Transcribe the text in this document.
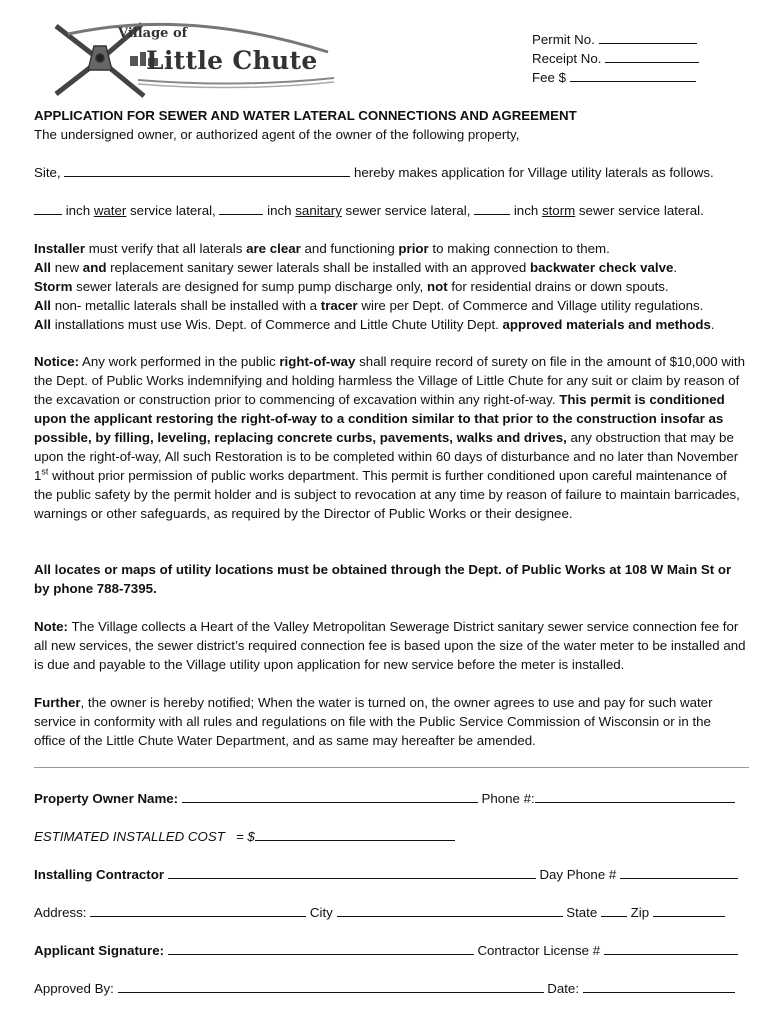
Village of
Little Chute
Permit No.
Receipt No.
Fee $
APPLICATION FOR SEWER AND WATER LATERAL CONNECTIONS AND AGREEMENT
The undersigned owner, or authorized agent of the owner of the following property,
Site,	hereby makes application for Village utility laterals as follows.
inch water service lateral,	inch sanitary sewer service lateral,	inch storm sewer service lateral.
Installer must verify that all laterals are clear and functioning prior to making connection to them.
All new and replacement sanitary sewer laterals shall be installed with an approved backwater check valve.
Storm sewer laterals are designed for sump pump discharge only, not for residential drains or down spouts.
All non- metallic laterals shall be installed with a tracer wire per Dept. of Commerce and Village utility regulations.
All installations must use Wis. Dept. of Commerce and Little Chute Utility Dept. approved materials and methods.
Notice: Any work performed in the public right-of-way shall require record of surety on file in the amount of $10,000 with the Dept. of Public Works indemnifying and holding harmless the Village of Little Chute for any suit or claim by reason of the excavation or construction prior to commencing of excavation within any right-of-way. This permit is conditioned upon the applicant restoring the right-of-way to a condition similar to that prior to the construction insofar as possible, by filling, leveling, replacing concrete curbs, pavements, walks and drives, any obstruction that may be upon the right-of-way, All such Restoration is to be completed within 60 days of disturbance and no later than November 1st without prior permission of public works department. This permit is further conditioned upon careful maintenance of the public safety by the permit holder and is subject to revocation at any time by reason of failure to maintain barricades, warnings or other safeguards, as required by the Director of Public Works or their designee.
All locates or maps of utility locations must be obtained through the Dept. of Public Works at 108 W Main St or by phone 788-7395.
Note: The Village collects a Heart of the Valley Metropolitan Sewerage District sanitary sewer service connection fee for all new services, the sewer district’s required connection fee is based upon the size of the water meter to be installed and is due and payable to the Village utility upon application for new service before the meter is installed.
Further, the owner is hereby notified; When the water is turned on, the owner agrees to use and pay for such water service in conformity with all rules and regulations on file with the Public Service Commission of Wisconsin or in the office of the Little Chute Water Department, and as same may hereafter be amended.
Property Owner Name:	Phone #:
ESTIMATED INSTALLED COST = $
Installing Contractor	Day Phone #
Address:	City	State	Zip
Applicant Signature:	Contractor License #
Approved By:	Date:
